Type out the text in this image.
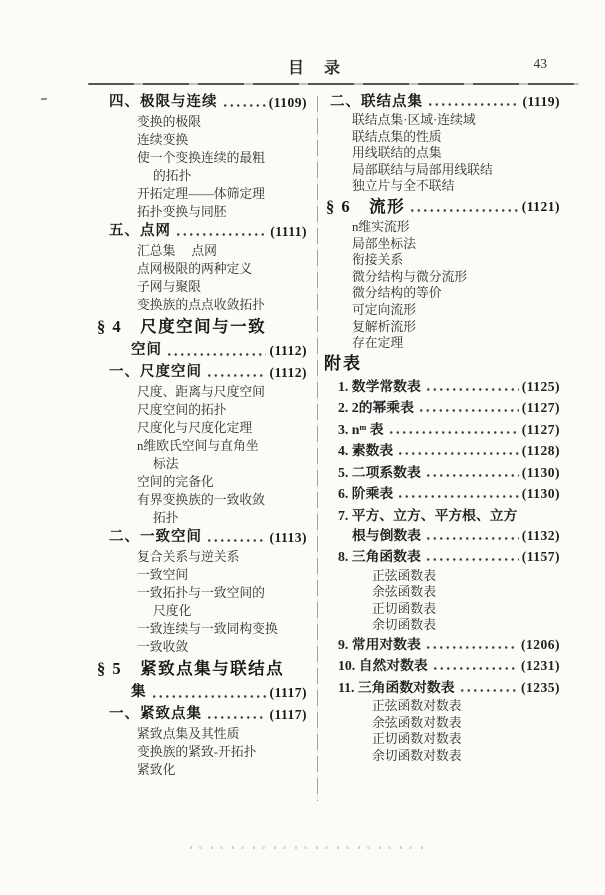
目　录	43
四、极限与连续	(1109)
变换的极限
连续变换
使一个变换连续的最粗
的拓扑
开拓定理——体筛定理
拓扑变换与同胚
五、点网	(1111)
汇总集　 点网
点网极限的两种定义
子网与聚限
变换族的点点收敛拓扑
§ 4　尺度空间与一致
空间	(1112)
一、尺度空间	(1112)
尺度、距离与尺度空间
尺度空间的拓扑
尺度化与尺度化定理
n维欧氏空间与直角坐
标法
空间的完备化
有界变换族的一致收敛
拓扑
二、一致空间	(1113)
复合关系与逆关系
一致空间
一致拓扑与一致空间的
尺度化
一致连续与一致同构变换
一致收敛
§ 5　紧致点集与联结点
集	(1117)
一、紧致点集	(1117)
紧致点集及其性质
变换族的紧致-开拓扑
紧致化
二、联结点集	(1119)
联结点集·区域·连续域
联结点集的性质
用线联结的点集
局部联结与局部用线联结
独立片与全不联结
§ 6　流形	(1121)
n维实流形
局部坐标法
衔接关系
微分结构与微分流形
微分结构的等价
可定向流形
复解析流形
存在定理
附表
1. 数学常数表	(1125)
2. 2的幂乘表	(1127)
3. nᵐ 表	(1127)
4. 素数表	(1128)
5. 二项系数表	(1130)
6. 阶乘表	(1130)
7. 平方、立方、平方根、立方
根与倒数表	(1132)
8. 三角函数表	(1157)
正弦函数表
余弦函数表
正切函数表
余切函数表
9. 常用对数表	(1206)
10. 自然对数表	(1231)
11. 三角函数对数表	(1235)
正弦函数对数表
余弦函数对数表
正切函数对数表
余切函数对数表
